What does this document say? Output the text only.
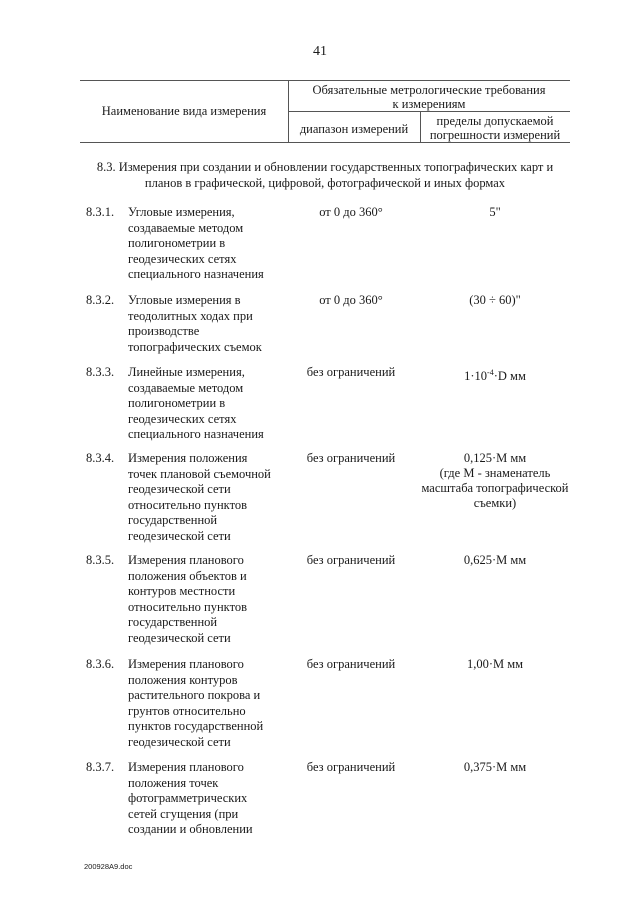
41
Наименование вида измерения
Обязательные метрологические требования
к измерениям
диапазон измерений
пределы допускаемой
погрешности измерений
8.3. Измерения при создании и обновлении государственных топографических карт и
планов в графической, цифровой, фотографической и иных формах
8.3.1. Угловые измерения,
создаваемые методом
полигонометрии в
геодезических сетях
специального назначения
от 0 до 360°	5"
8.3.2. Угловые измерения в
теодолитных ходах при
производстве
топографических съемок
от 0 до 360°	(30 ÷ 60)"
8.3.3. Линейные измерения,
создаваемые методом
полигонометрии в
геодезических сетях
специального назначения
без ограничений	$1\cdot 10^{-4}\cdot D$ мм
8.3.4. Измерения положения
точек плановой съемочной
геодезической сети
относительно пунктов
государственной
геодезической сети
без ограничений	0,125·М мм
(где М - знаменатель
масштаба топографической
съемки)
8.3.5. Измерения планового
положения объектов и
контуров местности
относительно пунктов
государственной
геодезической сети
без ограничений	0,625·М мм
8.3.6. Измерения планового
положения контуров
растительного покрова и
грунтов относительно
пунктов государственной
геодезической сети
без ограничений	1,00·М мм
8.3.7. Измерения планового
положения точек
фотограмметрических
сетей сгущения (при
создании и обновлении
без ограничений	0,375·М мм
200928A9.doc
